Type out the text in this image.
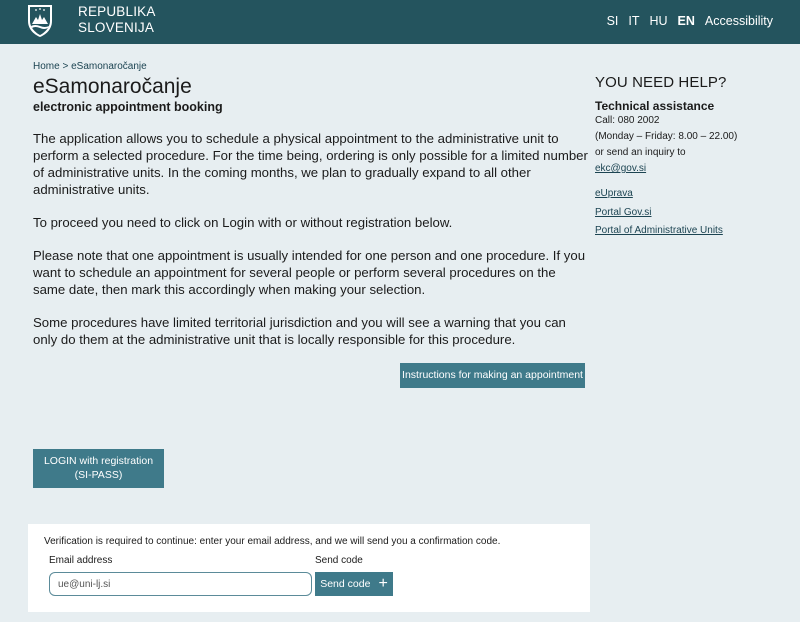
REPUBLIKA
SLOVENIJA	SI IT HU EN Accessibility
Home > eSamonaročanje
eSamonaročanje
electronic appointment booking

The application allows you to schedule a physical appointment to the administrative unit to perform a selected procedure. For the time being, ordering is only possible for a limited number of administrative units. In the coming months, we plan to gradually expand to all other administrative units.

To proceed you need to click on Login with or without registration below.

Please note that one appointment is usually intended for one person and one procedure. If you want to schedule an appointment for several people or perform several procedures on the same date, then mark this accordingly when making your selection.

Some procedures have limited territorial jurisdiction and you will see a warning that you can only do them at the administrative unit that is locally responsible for this procedure.

Instructions for making an appointment
LOGIN with registration
(SI-PASS)
Verification is required to continue: enter your email address, and we will send you a confirmation code.
Email address	Send code
ue@uni-lj.si
Send code +
YOU NEED HELP?
Technical assistance
Call: 080 2002
(Monday – Friday: 8.00 – 22.00)
or send an inquiry to
ekc@gov.si
eUprava
Portal Gov.si
Portal of Administrative Units
